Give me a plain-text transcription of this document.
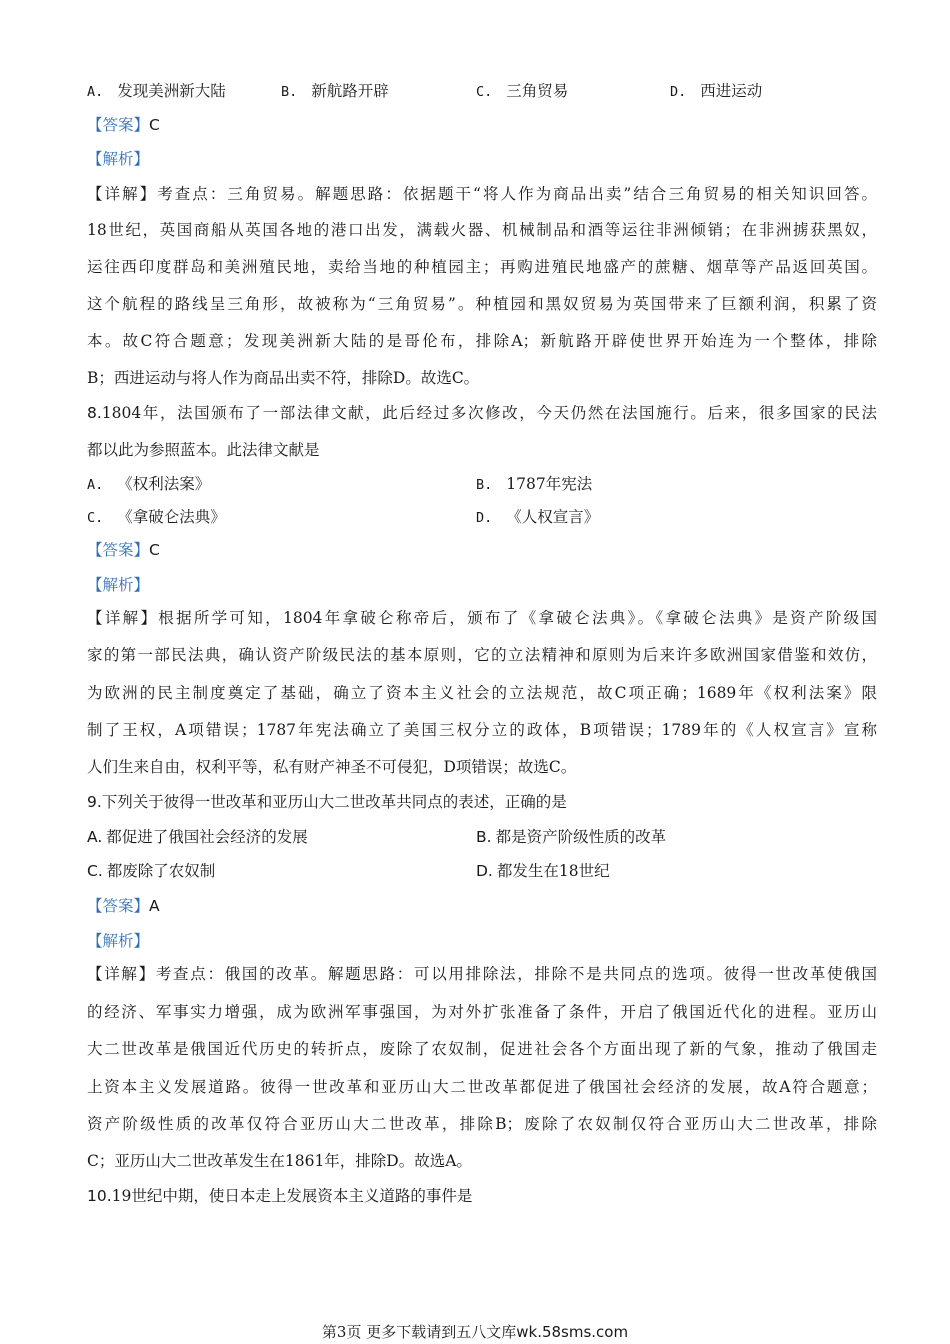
A. 发现美洲新大陆	B. 新航路开辟	C. 三角贸易	D. 西进运动
【答案】C
【解析】
【详解】考查点：三角贸易。解题思路：依据题干“将人作为商品出卖”结合三角贸易的相关知识回答。
18世纪，英国商船从英国各地的港口出发，满载火器、机械制品和酒等运往非洲倾销；在非洲掳获黑奴，
运往西印度群岛和美洲殖民地，卖给当地的种植园主；再购进殖民地盛产的蔗糖、烟草等产品返回英国。
这个航程的路线呈三角形，故被称为“三角贸易”。种植园和黑奴贸易为英国带来了巨额利润，积累了资
本。故C符合题意；发现美洲新大陆的是哥伦布，排除A；新航路开辟使世界开始连为一个整体，排除
B；西进运动与将人作为商品出卖不符，排除D。故选C。
8.1804年，法国颁布了一部法律文献，此后经过多次修改，今天仍然在法国施行。后来，很多国家的民法
都以此为参照蓝本。此法律文献是
A. 《权利法案》	B. 1787年宪法
C. 《拿破仑法典》	D. 《人权宣言》
【答案】C
【解析】
【详解】根据所学可知，1804年拿破仑称帝后，颁布了《拿破仑法典》。《拿破仑法典》是资产阶级国
家的第一部民法典，确认资产阶级民法的基本原则，它的立法精神和原则为后来许多欧洲国家借鉴和效仿，
为欧洲的民主制度奠定了基础，确立了资本主义社会的立法规范，故C项正确；1689年《权利法案》限
制了王权，A项错误；1787年宪法确立了美国三权分立的政体，B项错误；1789年的《人权宣言》宣称
人们生来自由，权利平等，私有财产神圣不可侵犯，D项错误；故选C。
9.下列关于彼得一世改革和亚历山大二世改革共同点的表述，正确的是
A. 都促进了俄国社会经济的发展	B. 都是资产阶级性质的改革
C. 都废除了农奴制	D. 都发生在18世纪
【答案】A
【解析】
【详解】考查点：俄国的改革。解题思路：可以用排除法，排除不是共同点的选项。彼得一世改革使俄国
的经济、军事实力增强，成为欧洲军事强国，为对外扩张准备了条件，开启了俄国近代化的进程。亚历山
大二世改革是俄国近代历史的转折点，废除了农奴制，促进社会各个方面出现了新的气象，推动了俄国走
上资本主义发展道路。彼得一世改革和亚历山大二世改革都促进了俄国社会经济的发展，故A符合题意；
资产阶级性质的改革仅符合亚历山大二世改革，排除B；废除了农奴制仅符合亚历山大二世改革，排除
C；亚历山大二世改革发生在1861年，排除D。故选A。
10.19世纪中期，使日本走上发展资本主义道路的事件是
第3页 更多下载请到五八文库wk.58sms.com
